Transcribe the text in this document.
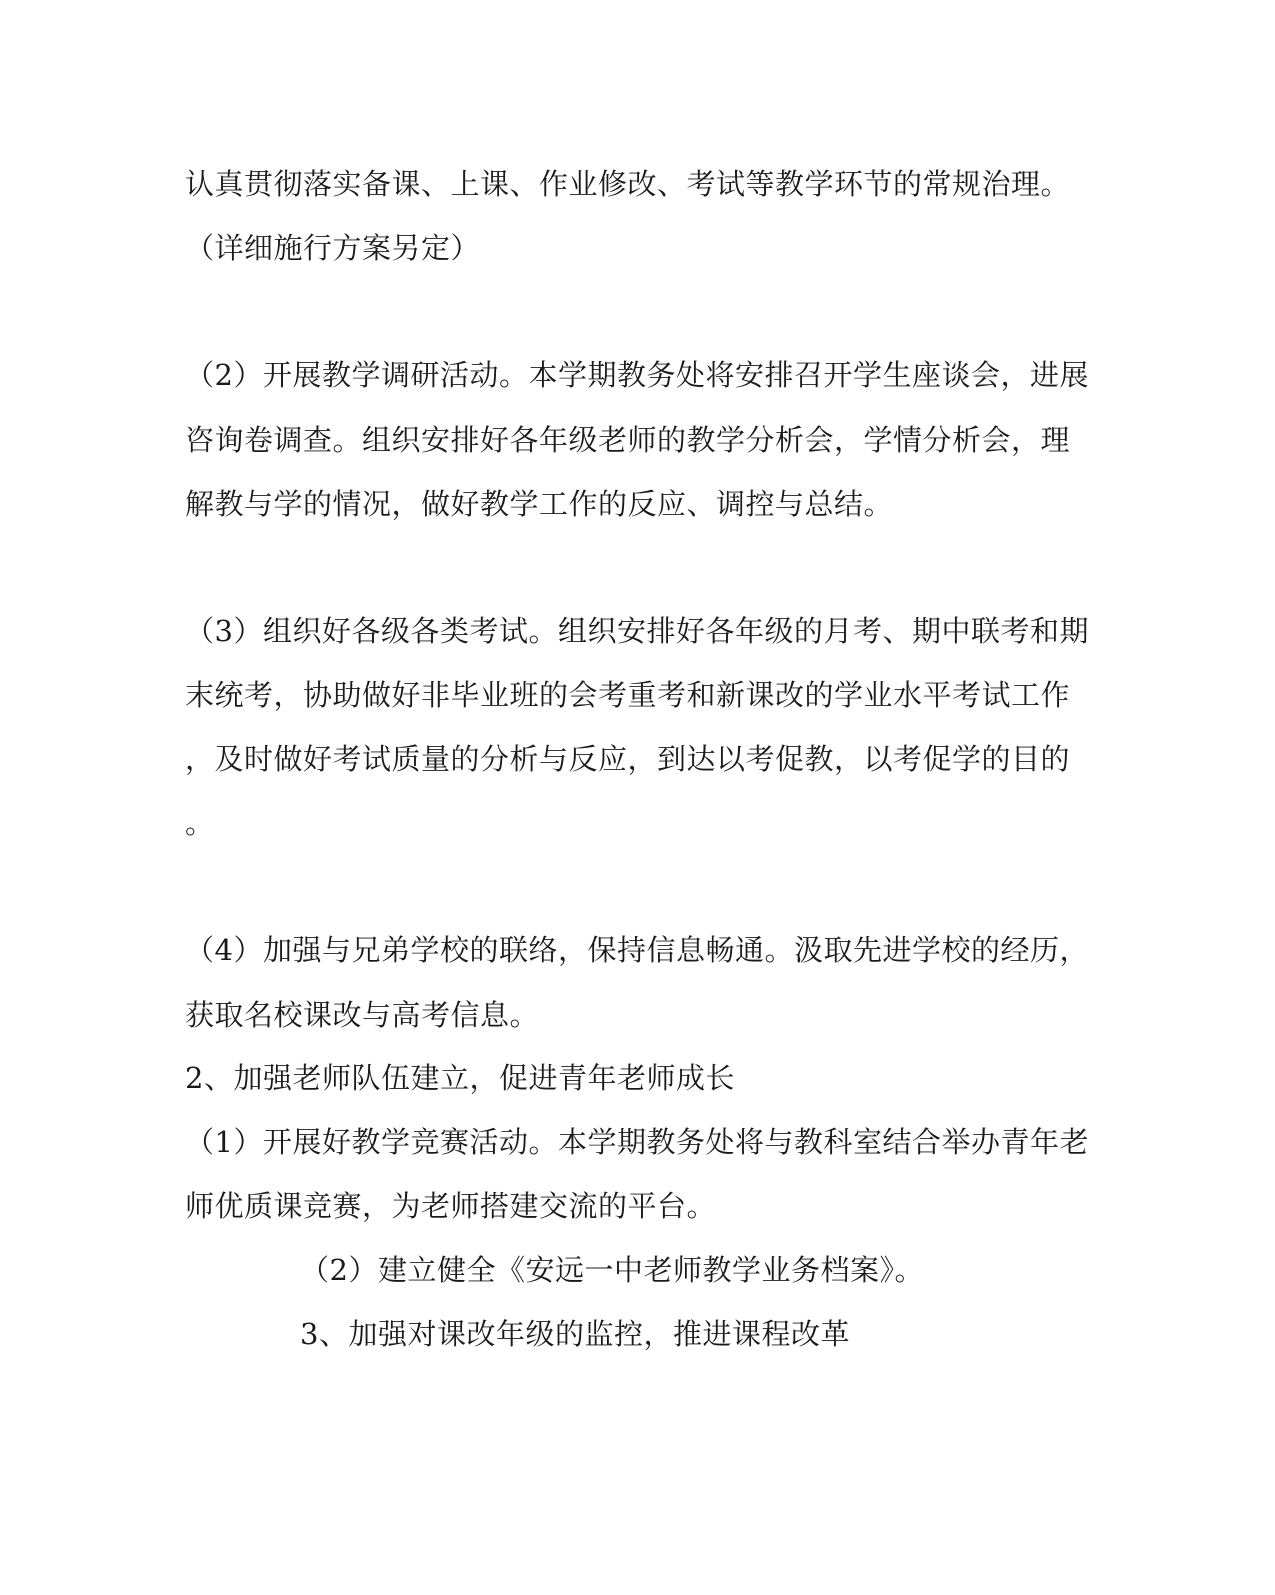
认真贯彻落实备课、上课、作业修改、考试等教学环节的常规治理。
（详细施行方案另定）
（2）开展教学调研活动。本学期教务处将安排召开学生座谈会，进展
咨询卷调查。组织安排好各年级老师的教学分析会，学情分析会，理
解教与学的情况，做好教学工作的反应、调控与总结。
（3）组织好各级各类考试。组织安排好各年级的月考、期中联考和期
末统考，协助做好非毕业班的会考重考和新课改的学业水平考试工作
，及时做好考试质量的分析与反应，到达以考促教，以考促学的目的
。
（4）加强与兄弟学校的联络，保持信息畅通。汲取先进学校的经历，
获取名校课改与高考信息。
2、加强老师队伍建立，促进青年老师成长
（1）开展好教学竞赛活动。本学期教务处将与教科室结合举办青年老
师优质课竞赛，为老师搭建交流的平台。
（2）建立健全《安远一中老师教学业务档案》。
3、加强对课改年级的监控，推进课程改革
